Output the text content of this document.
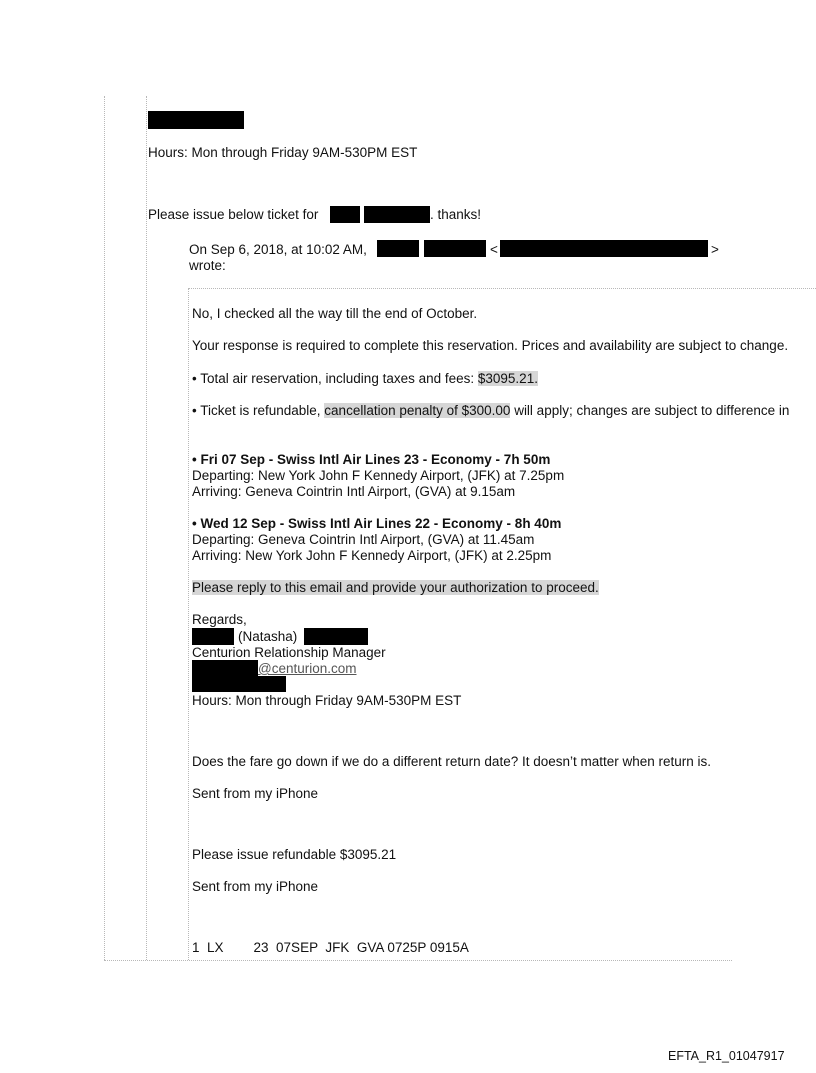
Hours: Mon through Friday 9AM-530PM EST
Please issue below ticket for	. thanks!
On Sep 6, 2018, at 10:02 AM,	<	>
wrote:
No, I checked all the way till the end of October.
Your response is required to complete this reservation. Prices and availability are subject to change.
• Total air reservation, including taxes and fees: $3095.21.
• Ticket is refundable, cancellation penalty of $300.00 will apply; changes are subject to difference in
• Fri 07 Sep - Swiss Intl Air Lines 23 - Economy - 7h 50m
Departing: New York John F Kennedy Airport, (JFK) at 7.25pm
Arriving: Geneva Cointrin Intl Airport, (GVA) at 9.15am
• Wed 12 Sep - Swiss Intl Air Lines 22 - Economy - 8h 40m
Departing: Geneva Cointrin Intl Airport, (GVA) at 11.45am
Arriving: New York John F Kennedy Airport, (JFK) at 2.25pm
Please reply to this email and provide your authorization to proceed.
Regards,
(Natasha)
Centurion Relationship Manager
@centurion.com
Hours: Mon through Friday 9AM-530PM EST
Does the fare go down if we do a different return date? It doesn’t matter when return is.
Sent from my iPhone
Please issue refundable $3095.21
Sent from my iPhone
1  LX        23  07SEP  JFK  GVA 0725P 0915A
EFTA_R1_01047917
